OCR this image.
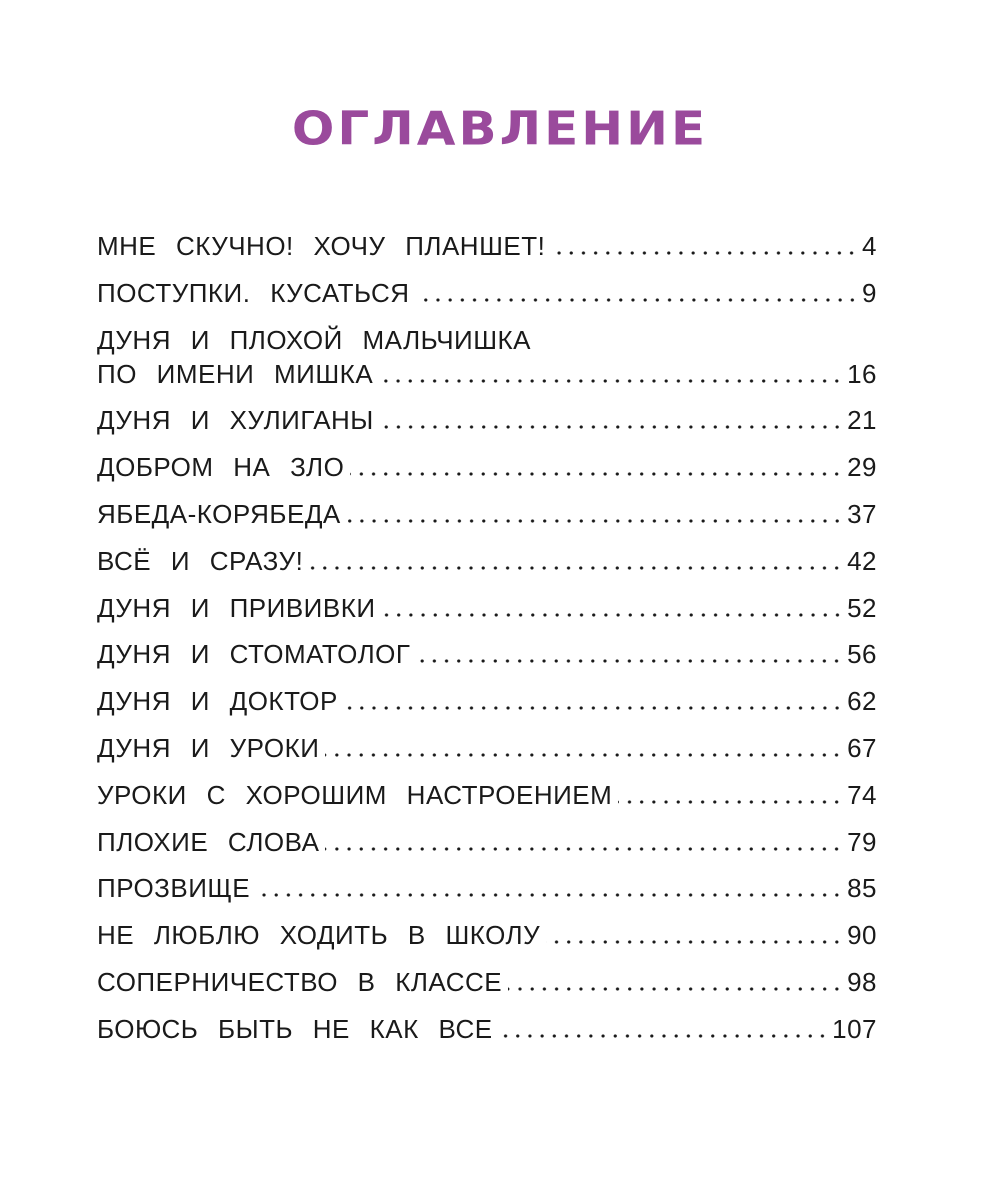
ОГЛАВЛЕНИЕ
МНЕ СКУЧНО! ХОЧУ ПЛАНШЕТ!	4
ПОСТУПКИ. КУСАТЬСЯ	9
ДУНЯ И ПЛОХОЙ МАЛЬЧИШКА
ПО ИМЕНИ МИШКА	16
ДУНЯ И ХУЛИГАНЫ	21
ДОБРОМ НА ЗЛО	29
ЯБЕДА-КОРЯБЕДА	37
ВСЁ И СРАЗУ!	42
ДУНЯ И ПРИВИВКИ	52
ДУНЯ И СТОМАТОЛОГ	56
ДУНЯ И ДОКТОР	62
ДУНЯ И УРОКИ	67
УРОКИ С ХОРОШИМ НАСТРОЕНИЕМ	74
ПЛОХИЕ СЛОВА	79
ПРОЗВИЩЕ	85
НЕ ЛЮБЛЮ ХОДИТЬ В ШКОЛУ	90
СОПЕРНИЧЕСТВО В КЛАССЕ	98
БОЮСЬ БЫТЬ НЕ КАК ВСЕ	107
